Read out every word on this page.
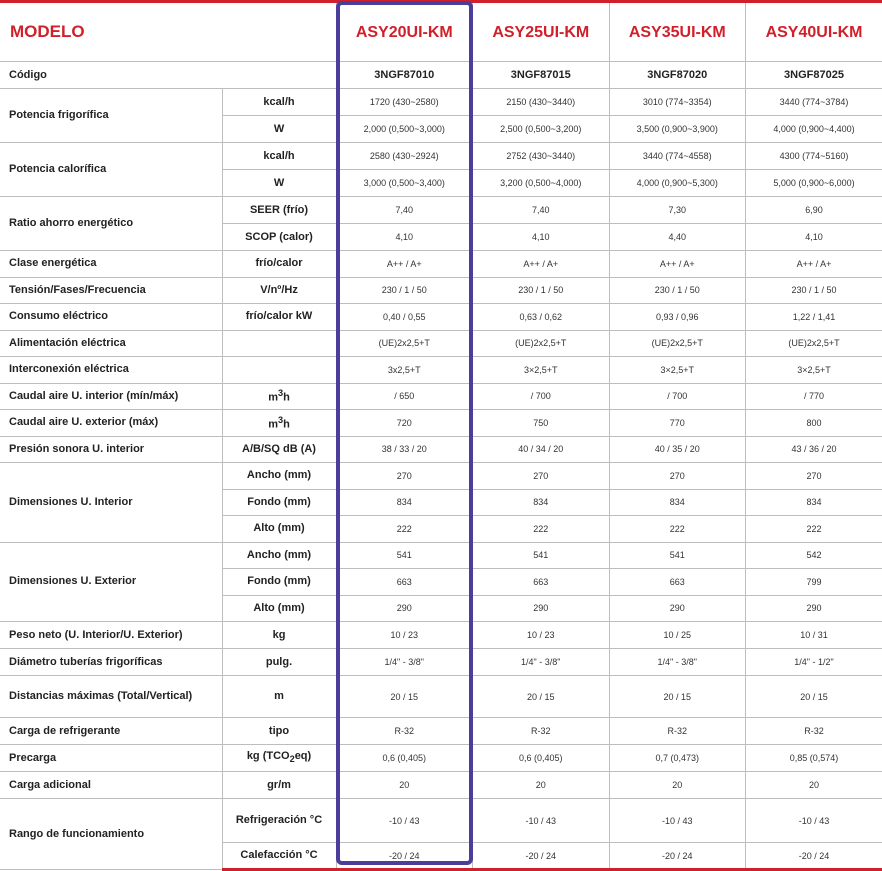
MODELO		ASY20UI-KM	ASY25UI-KM	ASY35UI-KM	ASY40UI-KM
Código		3NGF87010	3NGF87015	3NGF87020	3NGF87025
Potencia frigorífica	kcal/h	1720 (430~2580)	2150 (430~3440)	3010 (774~3354)	3440 (774~3784)
	W	2,000 (0,500~3,000)	2,500 (0,500~3,200)	3,500 (0,900~3,900)	4,000 (0,900~4,400)
Potencia calorífica	kcal/h	2580 (430~2924)	2752 (430~3440)	3440 (774~4558)	4300 (774~5160)
	W	3,000 (0,500~3,400)	3,200 (0,500~4,000)	4,000 (0,900~5,300)	5,000 (0,900~6,000)
Ratio ahorro energético	SEER (frío)	7,40	7,40	7,30	6,90
	SCOP (calor)	4,10	4,10	4,40	4,10
Clase energética	frío/calor	A++ / A+	A++ / A+	A++ / A+	A++ / A+
Tensión/Fases/Frecuencia	V/nº/Hz	230 / 1 / 50	230 / 1 / 50	230 / 1 / 50	230 / 1 / 50
Consumo eléctrico	frío/calor kW	0,40 / 0,55	0,63 / 0,62	0,93 / 0,96	1,22 / 1,41
Alimentación eléctrica		(UE)2x2,5+T	(UE)2x2,5+T	(UE)2x2,5+T	(UE)2x2,5+T
Interconexión eléctrica		3x2,5+T	3×2,5+T	3×2,5+T	3×2,5+T
Caudal aire U. interior (mín/máx)	$m^3h$	/ 650	/ 700	/ 700	/ 770
Caudal aire U. exterior (máx)	$m^3h$	720	750	770	800
Presión sonora U. interior	A/B/SQ dB (A)	38 / 33 / 20	40 / 34 / 20	40 / 35 / 20	43 / 36 / 20
Dimensiones U. Interior	Ancho (mm)	270	270	270	270
	Fondo (mm)	834	834	834	834
	Alto (mm)	222	222	222	222
Dimensiones U. Exterior	Ancho (mm)	541	541	541	542
	Fondo (mm)	663	663	663	799
	Alto (mm)	290	290	290	290
Peso neto (U. Interior/U. Exterior)	kg	10 / 23	10 / 23	10 / 25	10 / 31
Diámetro tuberías frigoríficas	pulg.	1/4" - 3/8"	1/4" - 3/8"	1/4" - 3/8"	1/4" - 1/2"
Distancias máximas (Total/Vertical)	m	20 / 15	20 / 15	20 / 15	20 / 15
Carga de refrigerante	tipo	R-32	R-32	R-32	R-32
Precarga	kg $(TCO_2eq)$	0,6 (0,405)	0,6 (0,405)	0,7 (0,473)	0,85 (0,574)
Carga adicional	gr/m	20	20	20	20
Rango de funcionamiento	Refrigeración °C	-10 / 43	-10 / 43	-10 / 43	-10 / 43
	Calefacción °C	-20 / 24	-20 / 24	-20 / 24	-20 / 24
